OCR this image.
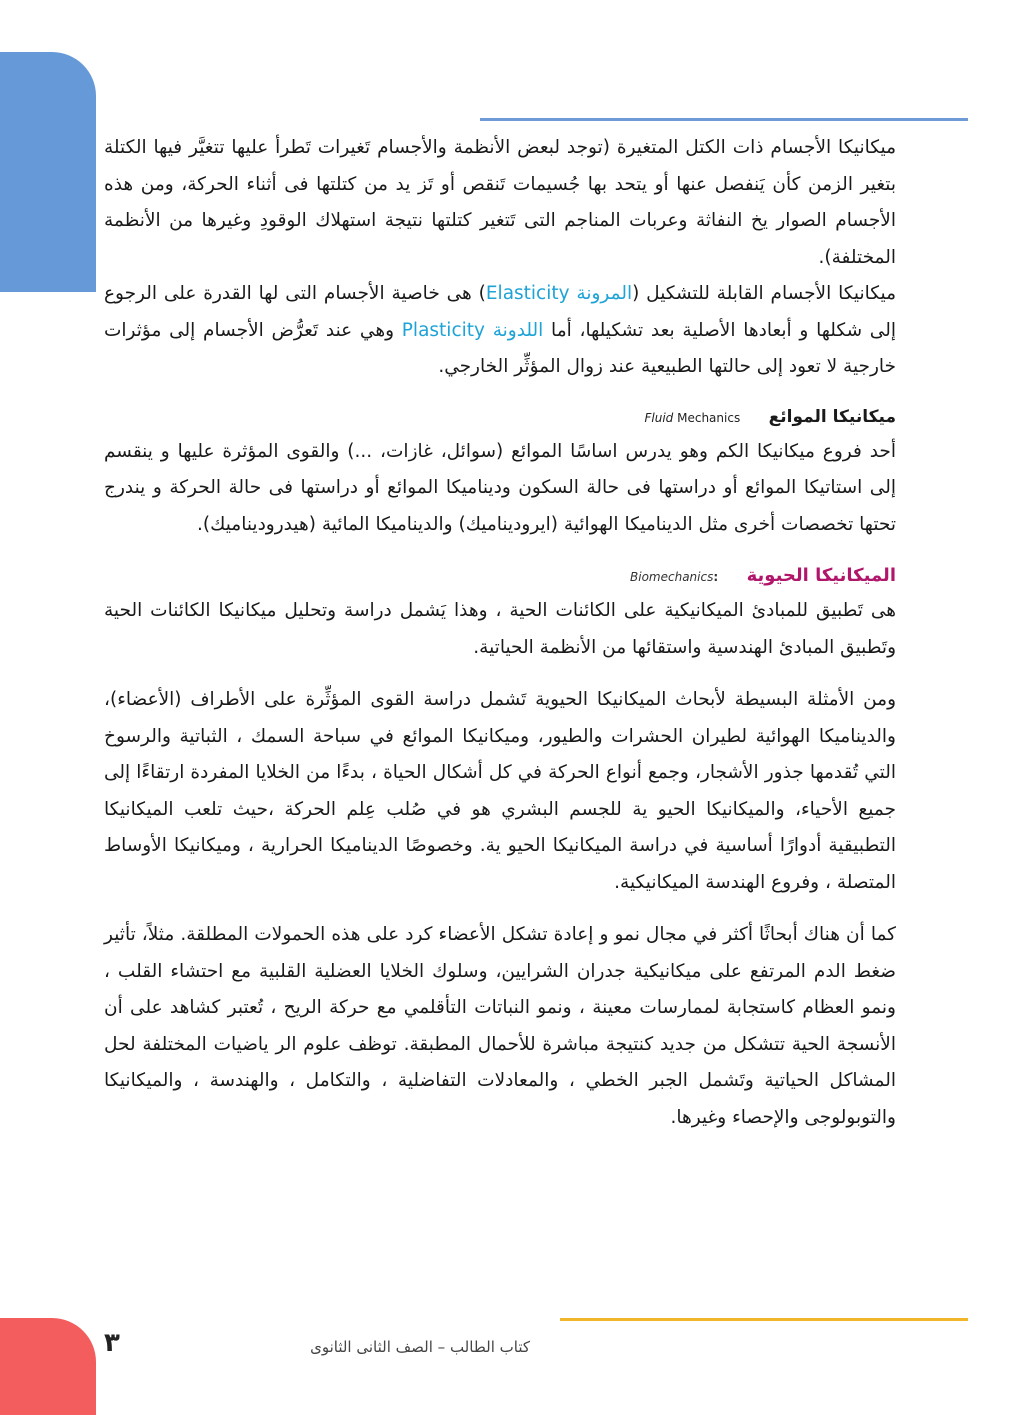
ميكانيكا الأجسام ذات الكتل المتغيرة (توجد لبعض الأنظمة والأجسام تَغيرات تَطرأ عليها تتغيَّر فيها الكتلة بتغير الزمن كأن يَنفصل عنها أو يتحد بها جُسيمات تَنقص أو تَز يد من كتلتها فى أثناء الحركة، ومن هذه الأجسام الصوار يخ النفاثة وعربات المناجم التى تَتغير كتلتها نتيجة استهلاك الوقودِ وغيرها من الأنظمة المختلفة).

ميكانيكا الأجسام القابلة للتشكيل (المرونة Elasticity) هى خاصية الأجسام التى لها القدرة على الرجوع إلى شكلها و أبعادها الأصلية بعد تشكيلها، أما اللدونة Plasticity وهي عند تَعرُّض الأجسام إلى مؤثرات خارجية لا تعود إلى حالتها الطبيعية عند زوال المؤثِّر الخارجي.

ميكانيكا الموائع Fluid Mechanics

أحد فروع ميكانيكا الكم وهو يدرس اساسًا الموائع (سوائل، غازات، ...) والقوى المؤثرة عليها و ينقسم إلى استاتيكا الموائع أو دراستها فى حالة السكون وديناميكا الموائع أو دراستها فى حالة الحركة و يندرج تحتها تخصصات أخرى مثل الديناميكا الهوائية (ايروديناميك) والديناميكا المائية (هيدروديناميك).

الميكانيكا الحيوية Biomechanics:

هى تَطبيق للمبادئ الميكانيكية على الكائنات الحية ، وهذا يَشمل دراسة وتحليل ميكانيكا الكائنات الحية وتَطبيق المبادئ الهندسية واستقائها من الأنظمة الحياتية.

ومن الأمثلة البسيطة لأبحاث الميكانيكا الحيوية تَشمل دراسة القوى المؤثِّرة على الأطراف (الأعضاء)، والديناميكا الهوائية لطيران الحشرات والطيور، وميكانيكا الموائع في سباحة السمك ، الثباتية والرسوخ التي تُقدمها جذور الأشجار، وجمع أنواع الحركة في كل أشكال الحياة ، بدءًا من الخلايا المفردة ارتقاءًا إلى جميع الأحياء، والميكانيكا الحيو ية للجسم البشري هو في صُلب عِلم الحركة ،حيث تلعب الميكانيكا التطبيقية أدوارًا أساسية في دراسة الميكانيكا الحيو ية. وخصوصًا الديناميكا الحرارية ، وميكانيكا الأوساط المتصلة ، وفروع الهندسة الميكانيكية.

كما أن هناك أبحاثًا أكثر في مجال نمو و إعادة تشكل الأعضاء كرد على هذه الحمولات المطلقة. مثلاً، تأثير ضغط الدم المرتفع على ميكانيكية جدران الشرايين، وسلوك الخلايا العضلية القلبية مع احتشاء القلب ، ونمو العظام كاستجابة لممارسات معينة ، ونمو النباتات التأقلمي مع حركة الريح ، تُعتبر كشاهد على أن الأنسجة الحية تتشكل من جديد كنتيجة مباشرة للأحمال المطبقة. توظف علوم الر ياضيات المختلفة لحل المشاكل الحياتية وتَشمل الجبر الخطي ، والمعادلات التفاضلية ، والتكامل ، والهندسة ، والميكانيكا والتوبولوجى والإحصاء وغيرها.

كتاب الطالب – الصف الثانى الثانوى
٣
